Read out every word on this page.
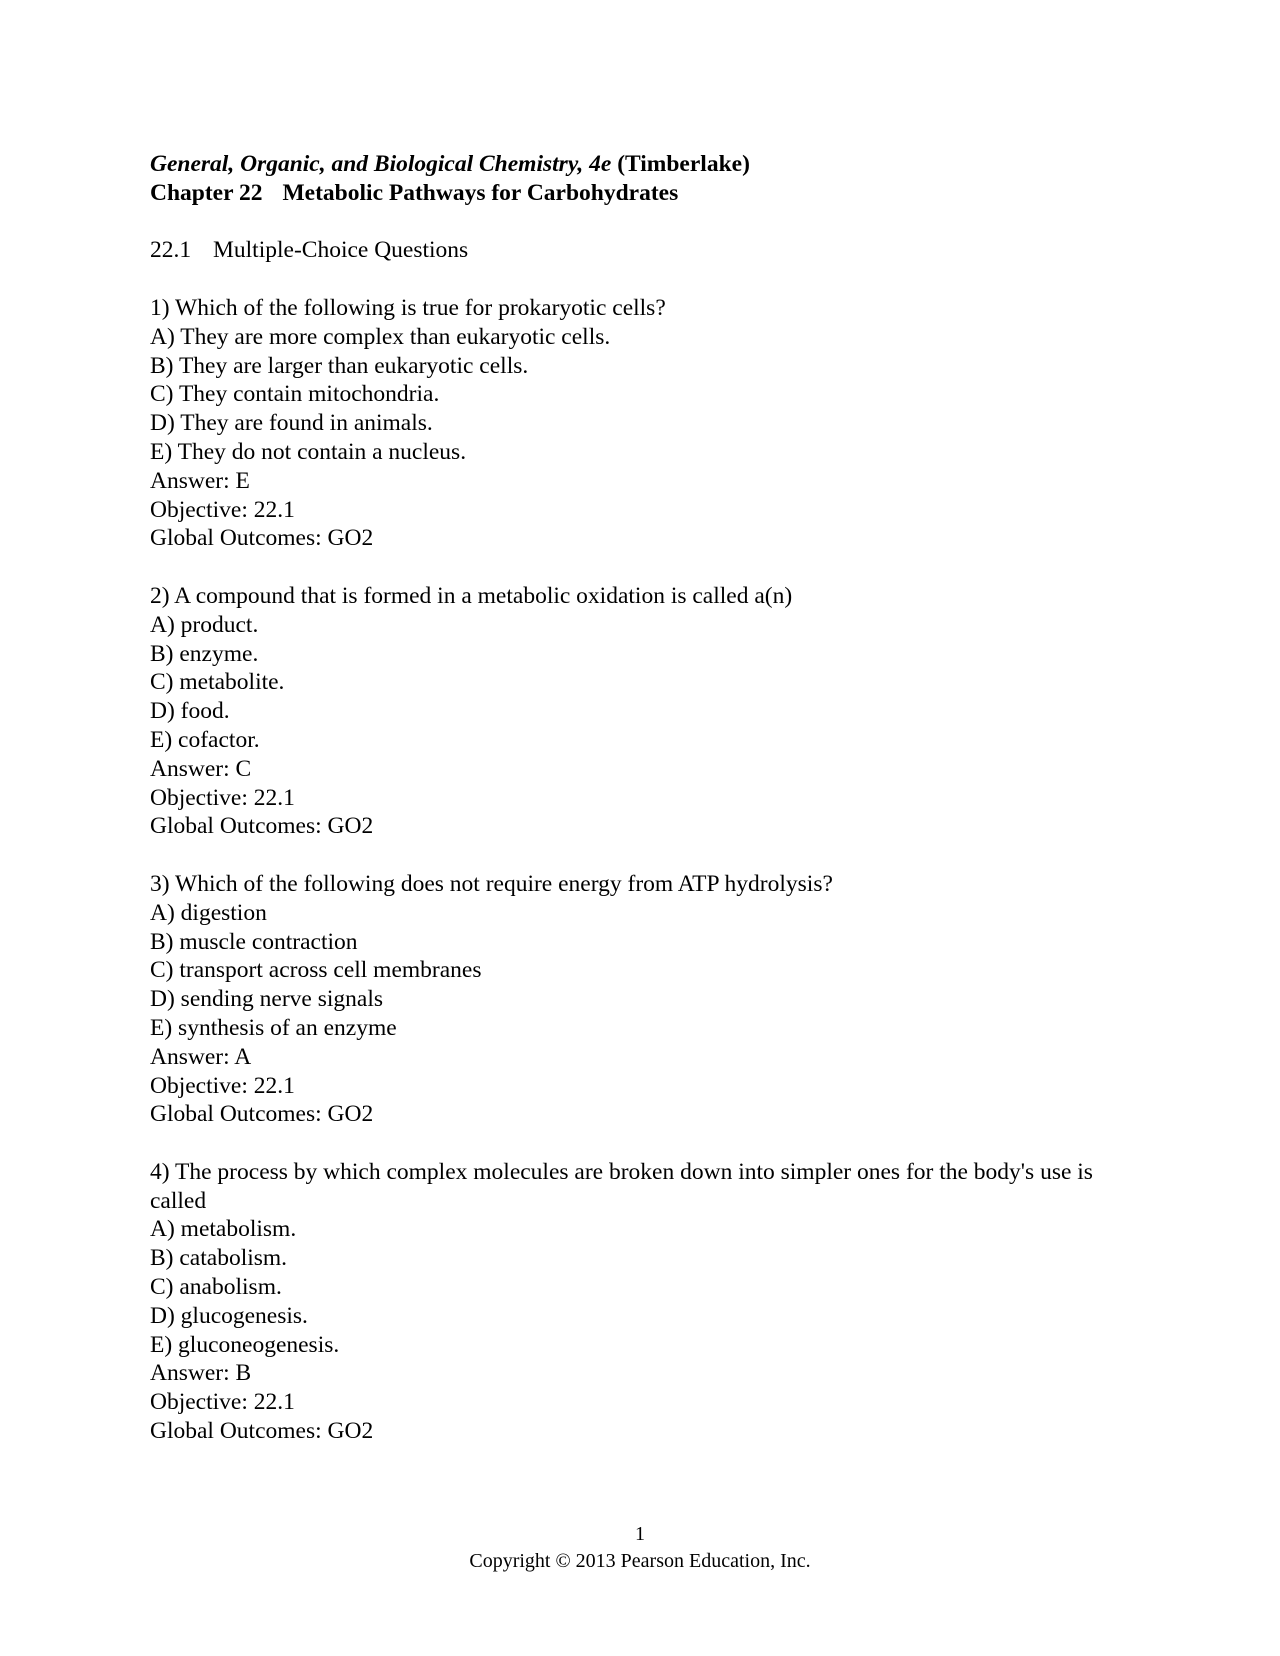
General, Organic, and Biological Chemistry, 4e (Timberlake)
Chapter 22 Metabolic Pathways for Carbohydrates
22.1 Multiple-Choice Questions
1) Which of the following is true for prokaryotic cells?
A) They are more complex than eukaryotic cells.
B) They are larger than eukaryotic cells.
C) They contain mitochondria.
D) They are found in animals.
E) They do not contain a nucleus.
Answer: E
Objective: 22.1
Global Outcomes: GO2
2) A compound that is formed in a metabolic oxidation is called a(n)
A) product.
B) enzyme.
C) metabolite.
D) food.
E) cofactor.
Answer: C
Objective: 22.1
Global Outcomes: GO2
3) Which of the following does not require energy from ATP hydrolysis?
A) digestion
B) muscle contraction
C) transport across cell membranes
D) sending nerve signals
E) synthesis of an enzyme
Answer: A
Objective: 22.1
Global Outcomes: GO2
4) The process by which complex molecules are broken down into simpler ones for the body's use is called
A) metabolism.
B) catabolism.
C) anabolism.
D) glucogenesis.
E) gluconeogenesis.
Answer: B
Objective: 22.1
Global Outcomes: GO2
1
Copyright © 2013 Pearson Education, Inc.
